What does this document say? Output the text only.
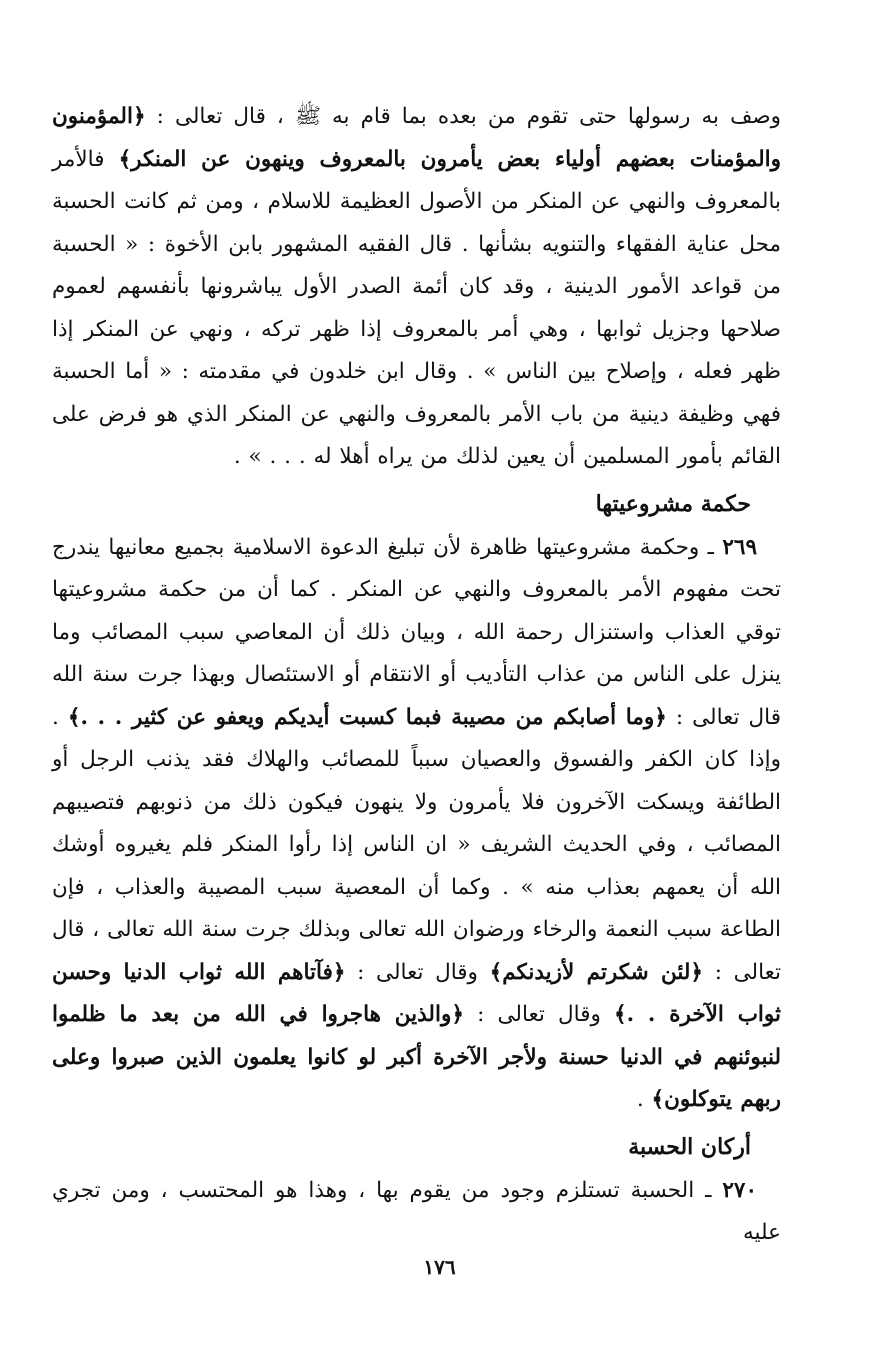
وصف به رسولها حتى تقوم من بعده بما قام به ﷺ ، قال تعالى : ﴿المؤمنون والمؤمنات بعضهم أولياء بعض يأمرون بالمعروف وينهون عن المنكر﴾ فالأمر بالمعروف والنهي عن المنكر من الأصول العظيمة للاسلام ، ومن ثم كانت الحسبة محل عناية الفقهاء والتنويه بشأنها . قال الفقيه المشهور بابن الأخوة : « الحسبة من قواعد الأمور الدينية ، وقد كان أئمة الصدر الأول يباشرونها بأنفسهم لعموم صلاحها وجزيل ثوابها ، وهي أمر بالمعروف إذا ظهر تركه ، ونهي عن المنكر إذا ظهر فعله ، وإصلاح بين الناس » . وقال ابن خلدون في مقدمته : « أما الحسبة فهي وظيفة دينية من باب الأمر بالمعروف والنهي عن المنكر الذي هو فرض على القائم بأمور المسلمين أن يعين لذلك من يراه أهلا له . . . » .

حكمة مشروعيتها

٢٦٩ ـ وحكمة مشروعيتها ظاهرة لأن تبليغ الدعوة الاسلامية بجميع معانيها يندرج تحت مفهوم الأمر بالمعروف والنهي عن المنكر . كما أن من حكمة مشروعيتها توقي العذاب واستنزال رحمة الله ، وبيان ذلك أن المعاصي سبب المصائب وما ينزل على الناس من عذاب التأديب أو الانتقام أو الاستئصال وبهذا جرت سنة الله قال تعالى : ﴿وما أصابكم من مصيبة فبما كسبت أيديكم ويعفو عن كثير . . .﴾ . وإذا كان الكفر والفسوق والعصيان سبباً للمصائب والهلاك فقد يذنب الرجل أو الطائفة ويسكت الآخرون فلا يأمرون ولا ينهون فيكون ذلك من ذنوبهم فتصيبهم المصائب ، وفي الحديث الشريف « ان الناس إذا رأوا المنكر فلم يغيروه أوشك الله أن يعمهم بعذاب منه » . وكما أن المعصية سبب المصيبة والعذاب ، فإن الطاعة سبب النعمة والرخاء ورضوان الله تعالى وبذلك جرت سنة الله تعالى ، قال تعالى : ﴿لئن شكرتم لأزيدنكم﴾ وقال تعالى : ﴿فآتاهم الله ثواب الدنيا وحسن ثواب الآخرة . .﴾ وقال تعالى : ﴿والذين هاجروا في الله من بعد ما ظلموا لنبوئنهم في الدنيا حسنة ولأجر الآخرة أكبر لو كانوا يعلمون الذين صبروا وعلى ربهم يتوكلون﴾ .

أركان الحسبة

٢٧٠ ـ الحسبة تستلزم وجود من يقوم بها ، وهذا هو المحتسب ، ومن تجري عليه

١٧٦
